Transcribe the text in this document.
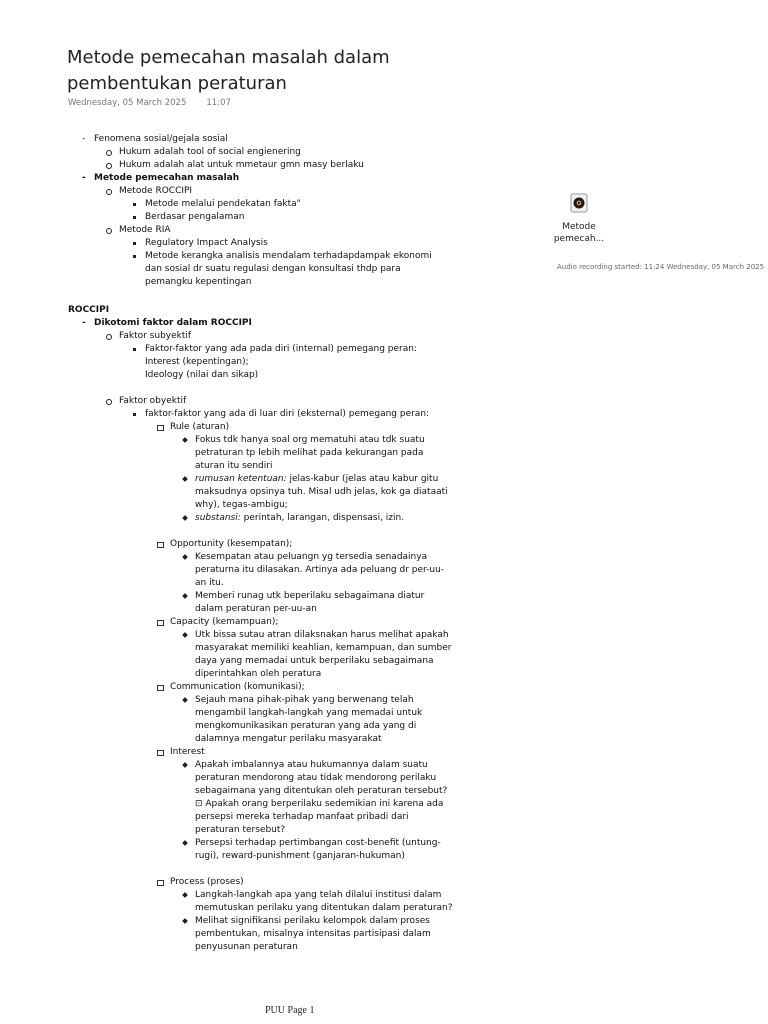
Metode pemecahan masalah dalam pembentukan peraturan
Wednesday, 05 March 2025 11:07
Metode
pemecah...
Audio recording started: 11:24 Wednesday, 05 March 2025
- Fenomena sosial/gejala sosial
Hukum adalah tool of social engienering
Hukum adalah alat untuk mmetaur gmn masy berlaku
- Metode pemecahan masalah
Metode ROCCIPI
Metode melalui pendekatan fakta"
Berdasar pengalaman
Metode RIA
Regulatory Impact Analysis
Metode kerangka analisis mendalam terhadapdampak ekonomi dan sosial dr suatu regulasi dengan konsultasi thdp para pemangku kepentingan
ROCCIPI
- Dikotomi faktor dalam ROCCIPI
Faktor subyektif
Faktor-faktor yang ada pada diri (internal) pemegang peran:
Interest (kepentingan);
Ideology (nilai dan sikap)
Faktor obyektif
faktor-faktor yang ada di luar diri (eksternal) pemegang peran:
Rule (aturan)
Fokus tdk hanya soal org mematuhi atau tdk suatu petraturan tp lebih melihat pada kekurangan pada aturan itu sendiri
rumusan ketentuan: jelas-kabur (jelas atau kabur gitu maksudnya opsinya tuh. Misal udh jelas, kok ga diataati why), tegas-ambigu;
substansi: perintah, larangan, dispensasi, izin.
Opportunity (kesempatan);
Kesempatan atau peluangn yg tersedia senadainya peraturna itu dilasakan. Artinya ada peluang dr per-uu-an itu.
Memberi runag utk beperilaku sebagaimana diatur dalam peraturan per-uu-an
Capacity (kemampuan);
Utk bissa sutau atran dilaksnakan harus melihat apakah masyarakat memiliki keahlian, kemampuan, dan sumber daya yang memadai untuk berperilaku sebagaimana diperintahkan oleh peratura
Communication (komunikasi);
Sejauh mana pihak-pihak yang berwenang telah mengambil langkah-langkah yang memadai untuk mengkomunikasikan peraturan yang ada yang di dalamnya mengatur perilaku masyarakat
Interest
Apakah imbalannya atau hukumannya dalam suatu peraturan mendorong atau tidak mendorong perilaku sebagaimana yang ditentukan oleh peraturan tersebut? ⊡ Apakah orang berperilaku sedemikian ini karena ada persepsi mereka terhadap manfaat pribadi dari peraturan tersebut?
Persepsi terhadap pertimbangan cost-benefit (untung-rugi), reward-punishment (ganjaran-hukuman)
Process (proses)
Langkah-langkah apa yang telah dilalui institusi dalam memutuskan perilaku yang ditentukan dalam peraturan?
Melihat signifikansi perilaku kelompok dalam proses pembentukan, misalnya intensitas partisipasi dalam penyusunan peraturan
PUU Page 1
